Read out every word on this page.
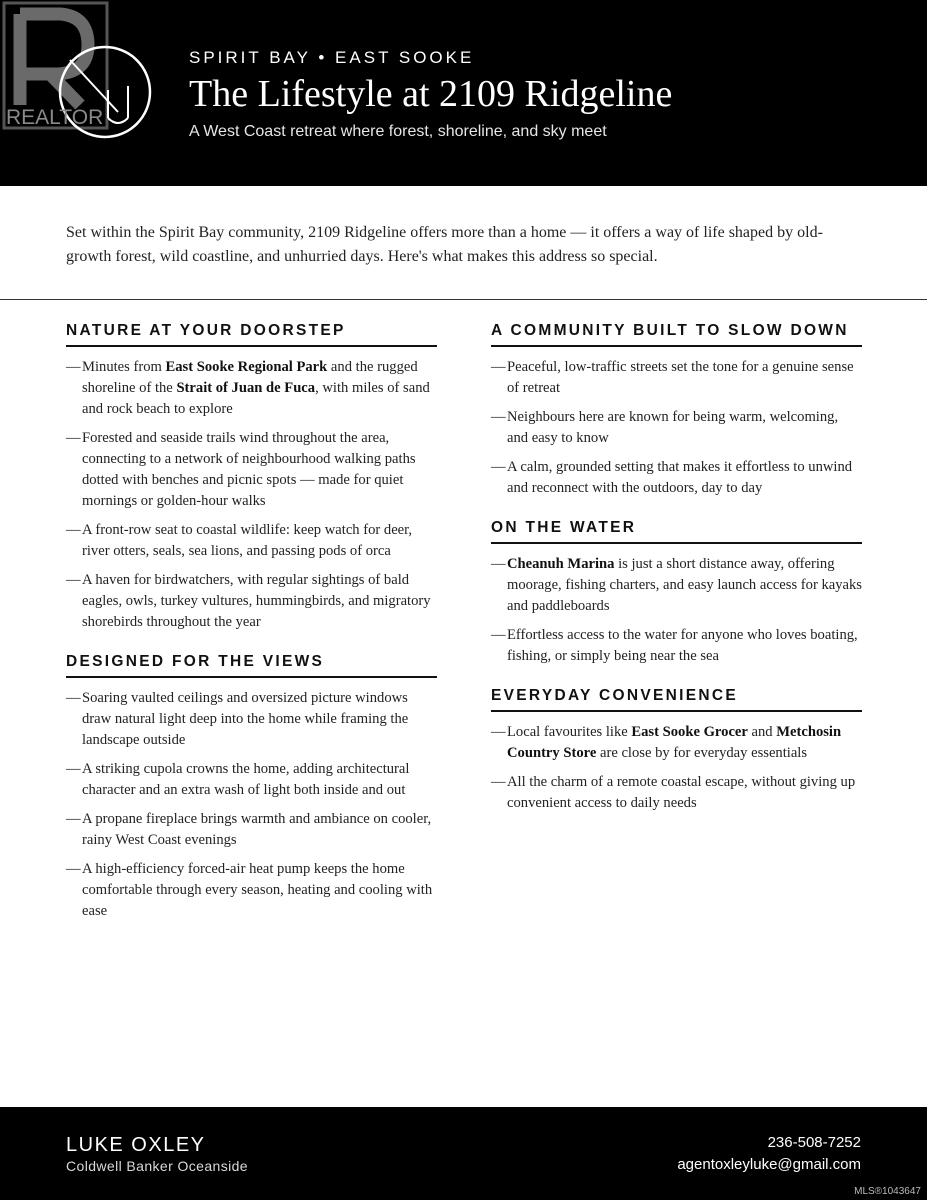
REALTOR
SPIRIT BAY • EAST SOOKE
The Lifestyle at 2109 Ridgeline
A West Coast retreat where forest, shoreline, and sky meet
Set within the Spirit Bay community, 2109 Ridgeline offers more than a home — it offers a way of life shaped by old-growth forest, wild coastline, and unhurried days. Here's what makes this address so special.
NATURE AT YOUR DOORSTEP
— Minutes from East Sooke Regional Park and the rugged shoreline of the Strait of Juan de Fuca, with miles of sand and rock beach to explore
— Forested and seaside trails wind throughout the area, connecting to a network of neighbourhood walking paths dotted with benches and picnic spots — made for quiet mornings or golden-hour walks
— A front-row seat to coastal wildlife: keep watch for deer, river otters, seals, sea lions, and passing pods of orca
— A haven for birdwatchers, with regular sightings of bald eagles, owls, turkey vultures, hummingbirds, and migratory shorebirds throughout the year
DESIGNED FOR THE VIEWS
— Soaring vaulted ceilings and oversized picture windows draw natural light deep into the home while framing the landscape outside
— A striking cupola crowns the home, adding architectural character and an extra wash of light both inside and out
— A propane fireplace brings warmth and ambiance on cooler, rainy West Coast evenings
— A high-efficiency forced-air heat pump keeps the home comfortable through every season, heating and cooling with ease
A COMMUNITY BUILT TO SLOW DOWN
— Peaceful, low-traffic streets set the tone for a genuine sense of retreat
— Neighbours here are known for being warm, welcoming, and easy to know
— A calm, grounded setting that makes it effortless to unwind and reconnect with the outdoors, day to day
ON THE WATER
— Cheanuh Marina is just a short distance away, offering moorage, fishing charters, and easy launch access for kayaks and paddleboards
— Effortless access to the water for anyone who loves boating, fishing, or simply being near the sea
EVERYDAY CONVENIENCE
— Local favourites like East Sooke Grocer and Metchosin Country Store are close by for everyday essentials
— All the charm of a remote coastal escape, without giving up convenient access to daily needs
LUKE OXLEY
Coldwell Banker Oceanside
236-508-7252
agentoxleyluke@gmail.com
MLS®1043647
